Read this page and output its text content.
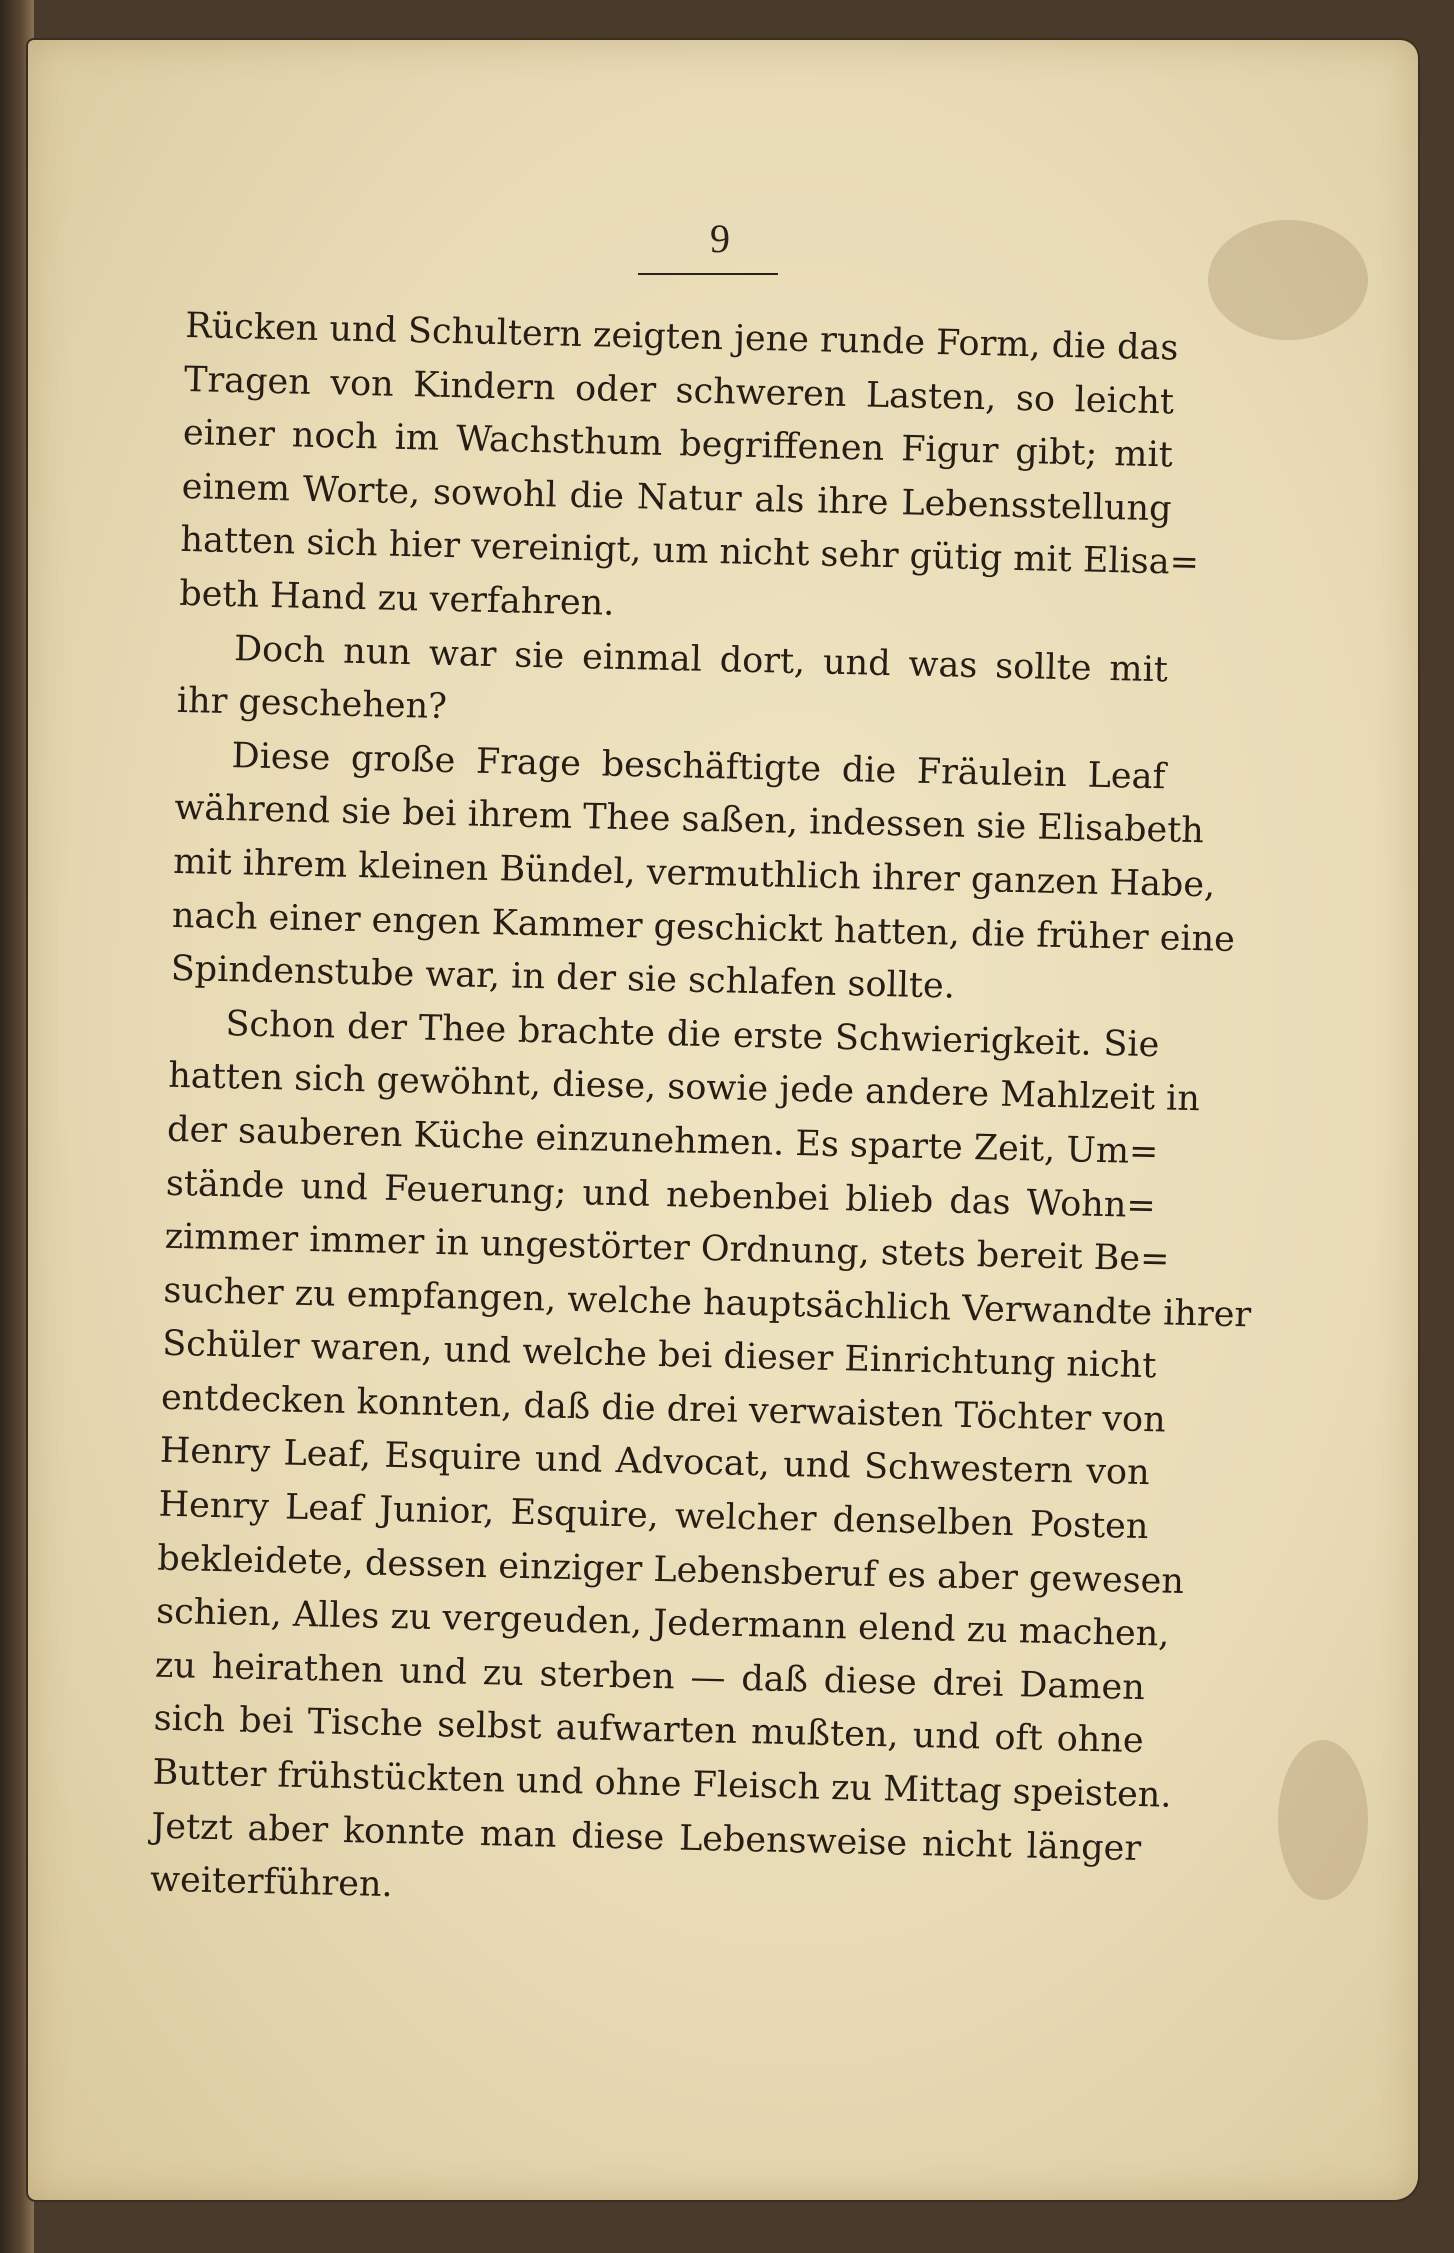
9
Rücken und Schultern zeigten jene runde Form, die das
Tragen von Kindern oder schweren Lasten, so leicht
einer noch im Wachsthum begriffenen Figur gibt; mit
einem Worte, sowohl die Natur als ihre Lebensstellung
hatten sich hier vereinigt, um nicht sehr gütig mit Elisa=
beth Hand zu verfahren.
Doch nun war sie einmal dort, und was sollte mit
ihr geschehen?
Diese große Frage beschäftigte die Fräulein Leaf
während sie bei ihrem Thee saßen, indessen sie Elisabeth
mit ihrem kleinen Bündel, vermuthlich ihrer ganzen Habe,
nach einer engen Kammer geschickt hatten, die früher eine
Spindenstube war, in der sie schlafen sollte.
Schon der Thee brachte die erste Schwierigkeit. Sie
hatten sich gewöhnt, diese, sowie jede andere Mahlzeit in
der sauberen Küche einzunehmen. Es sparte Zeit, Um=
stände und Feuerung; und nebenbei blieb das Wohn=
zimmer immer in ungestörter Ordnung, stets bereit Be=
sucher zu empfangen, welche hauptsächlich Verwandte ihrer
Schüler waren, und welche bei dieser Einrichtung nicht
entdecken konnten, daß die drei verwaisten Töchter von
Henry Leaf, Esquire und Advocat, und Schwestern von
Henry Leaf Junior, Esquire, welcher denselben Posten
bekleidete, dessen einziger Lebensberuf es aber gewesen
schien, Alles zu vergeuden, Jedermann elend zu machen,
zu heirathen und zu sterben — daß diese drei Damen
sich bei Tische selbst aufwarten mußten, und oft ohne
Butter frühstückten und ohne Fleisch zu Mittag speisten.
Jetzt aber konnte man diese Lebensweise nicht länger
weiterführen.
